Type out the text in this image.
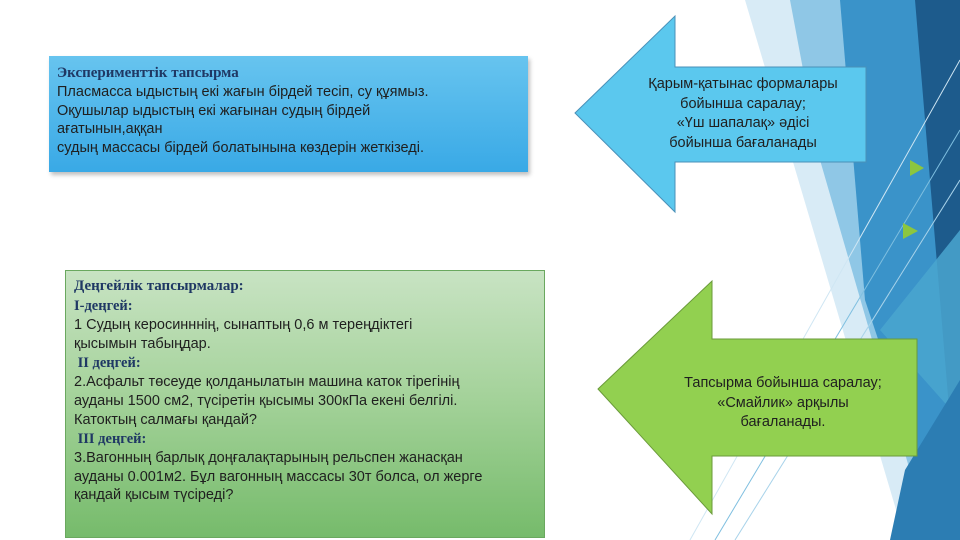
Эксперименттік тапсырма
Пласмасса ыдыстың екі жағын бірдей тесіп, су құямыз.
Оқушылар ыдыстың екі жағынан судың бірдей
ағатынын,аққан
судың массасы бірдей болатынына көздерін жеткізеді.
Деңгейлік тапсырмалар:
І-деңгей:
1 Судың керосинннің, сынаптың 0,6 м тереңдіктегі
қысымын табыңдар.
ІІ деңгей:
2.Асфальт төсеуде қолданылатын машина каток тірегінің
ауданы 1500 см2, түсіретін қысымы 300кПа екені белгілі.
Катоктың салмағы қандай?
ІІІ деңгей:
3.Вагонның барлық доңғалақтарының рельспен жанасқан
ауданы 0.001м2. Бұл вагонның массасы 30т болса, ол жерге
қандай қысым түсіреді?
Қарым-қатынас формалары
бойынша саралау;
«Үш шапалақ» әдісі
бойынша бағаланады
Тапсырма бойынша саралау;
«Смайлик» арқылы
бағаланады.
